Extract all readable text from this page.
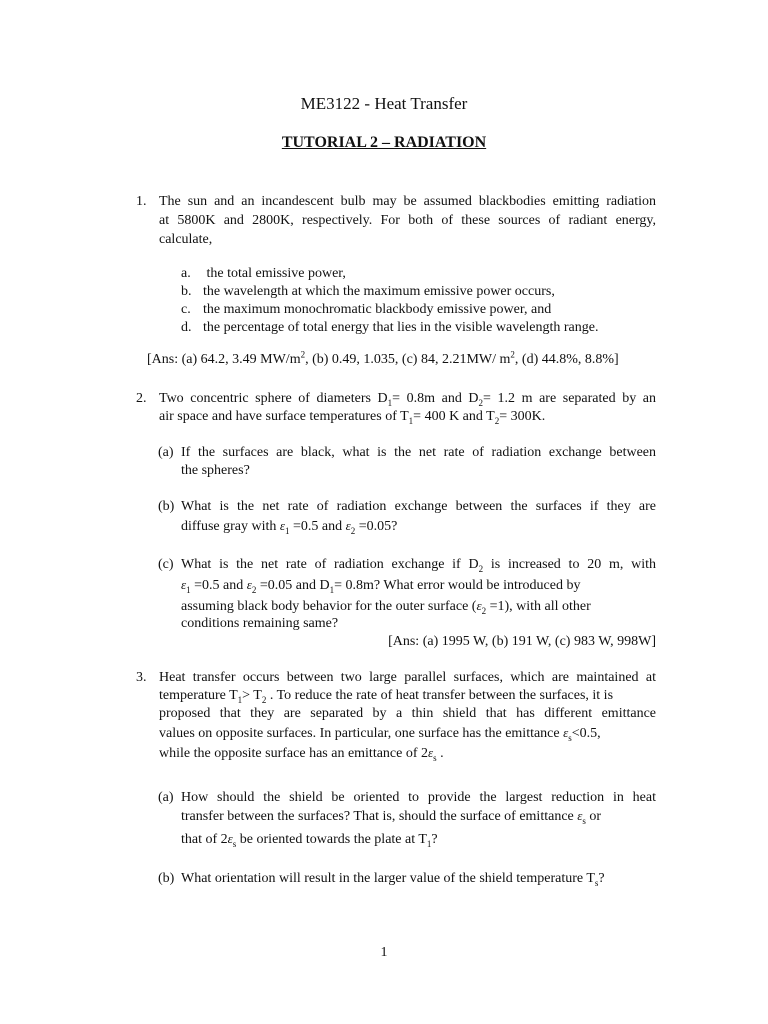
ME3122 - Heat Transfer
TUTORIAL 2 – RADIATION
1. The sun and an incandescent bulb may be assumed blackbodies emitting radiation
at 5800K and 2800K, respectively. For both of these sources of radiant energy,
calculate,
a. the total emissive power,
b. the wavelength at which the maximum emissive power occurs,
c. the maximum monochromatic blackbody emissive power, and
d. the percentage of total energy that lies in the visible wavelength range.
[Ans: (a) 64.2, 3.49 $MW/m^2$, (b) 0.49, 1.035, (c) 84, 2.21MW/ $m^2$, (d) 44.8%, 8.8%]
2. Two concentric sphere of diameters $D_1= 0.8m$ and $D_2= 1.2$ m are separated by an
air space and have surface temperatures of $T_1= 400$ K and $T_2= 300K$.
(a) If the surfaces are black, what is the net rate of radiation exchange between
the spheres?
(b) What is the net rate of radiation exchange between the surfaces if they are
diffuse gray with $\varepsilon_1 =0.5$ and $\varepsilon_2 =0.05$?
(c) What is the net rate of radiation exchange if $D_2$ is increased to 20 m, with
$\varepsilon_1 =0.5$ and $\varepsilon_2 =0.05$ and $D_1= 0.8m$? What error would be introduced by
assuming black body behavior for the outer surface $(\varepsilon_2 =1)$, with all other
conditions remaining same?
[Ans: (a) 1995 W, (b) 191 W, (c) 983 W, 998W]
3. Heat transfer occurs between two large parallel surfaces, which are maintained at
temperature $T_1> T_2$ . To reduce the rate of heat transfer between the surfaces, it is
proposed that they are separated by a thin shield that has different emittance
values on opposite surfaces. In particular, one surface has the emittance $\varepsilon_s<0.5$,
while the opposite surface has an emittance of $2\varepsilon_s$ .
(a) How should the shield be oriented to provide the largest reduction in heat
transfer between the surfaces? That is, should the surface of emittance $\varepsilon_s$ or
that of $2\varepsilon_s$ be oriented towards the plate at $T_1$?
(b) What orientation will result in the larger value of the shield temperature $T_s$?
1
